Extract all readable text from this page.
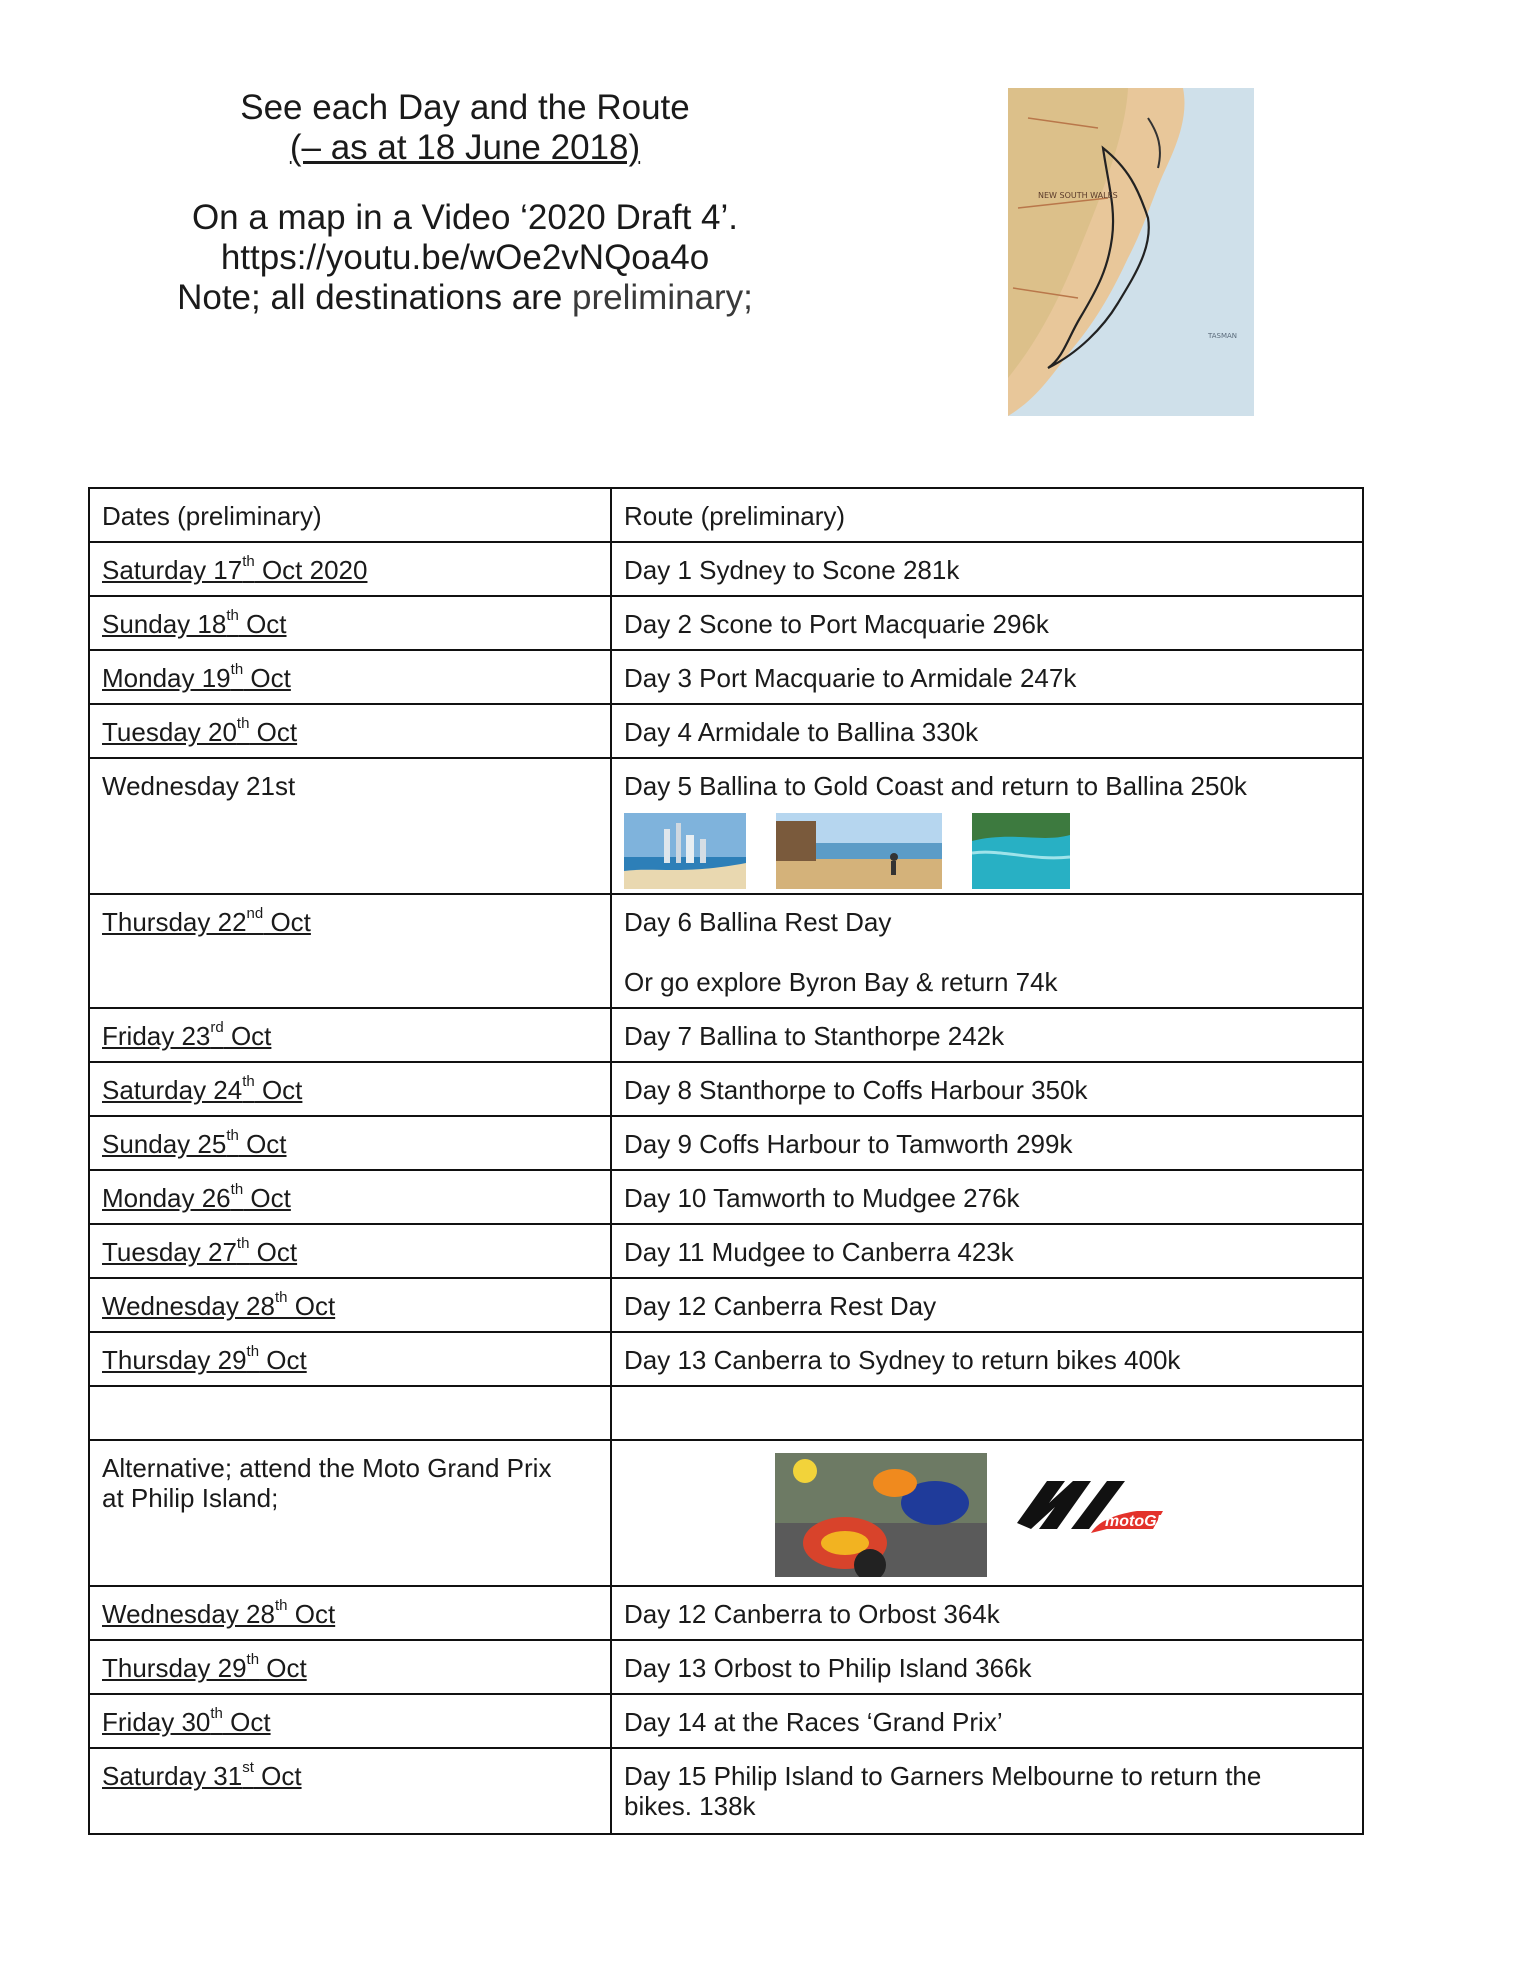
See each Day and the Route

(– as at 18 June 2018)

On a map in a Video ‘2020 Draft 4’.

https://youtu.be/wOe2vNQoa4o

Note; all destinations are preliminary;

NEW SOUTH WALES
TASMAN
Dates (preliminary)	Route (preliminary)
Saturday 17th Oct 2020	Day 1 Sydney to Scone 281k
Sunday 18th Oct	Day 2 Scone to Port Macquarie 296k
Monday 19th Oct	Day 3 Port Macquarie to Armidale 247k
Tuesday 20th Oct	Day 4 Armidale to Ballina 330k
Wednesday 21st	Day 5 Ballina to Gold Coast and return to Ballina 250k

Thursday 22nd Oct	Day 6 Ballina Rest Day
Or go explore Byron Bay & return 74k

Friday 23rd Oct	Day 7 Ballina to Stanthorpe 242k
Saturday 24th Oct	Day 8 Stanthorpe to Coffs Harbour 350k
Sunday 25th Oct	Day 9 Coffs Harbour to Tamworth 299k
Monday 26th Oct	Day 10 Tamworth to Mudgee 276k
Tuesday 27th Oct	Day 11 Mudgee to Canberra 423k
Wednesday 28th Oct	Day 12 Canberra Rest Day
Thursday 29th Oct	Day 13 Canberra to Sydney to return bikes 400k

Alternative; attend the Moto Grand Prix
at Philip Island;	motoGP

Wednesday 28th Oct	Day 12 Canberra to Orbost 364k
Thursday 29th Oct	Day 13 Orbost to Philip Island 366k
Friday 30th Oct	Day 14 at the Races ‘Grand Prix’
Saturday 31st Oct	Day 15 Philip Island to Garners Melbourne to return the
bikes. 138k
